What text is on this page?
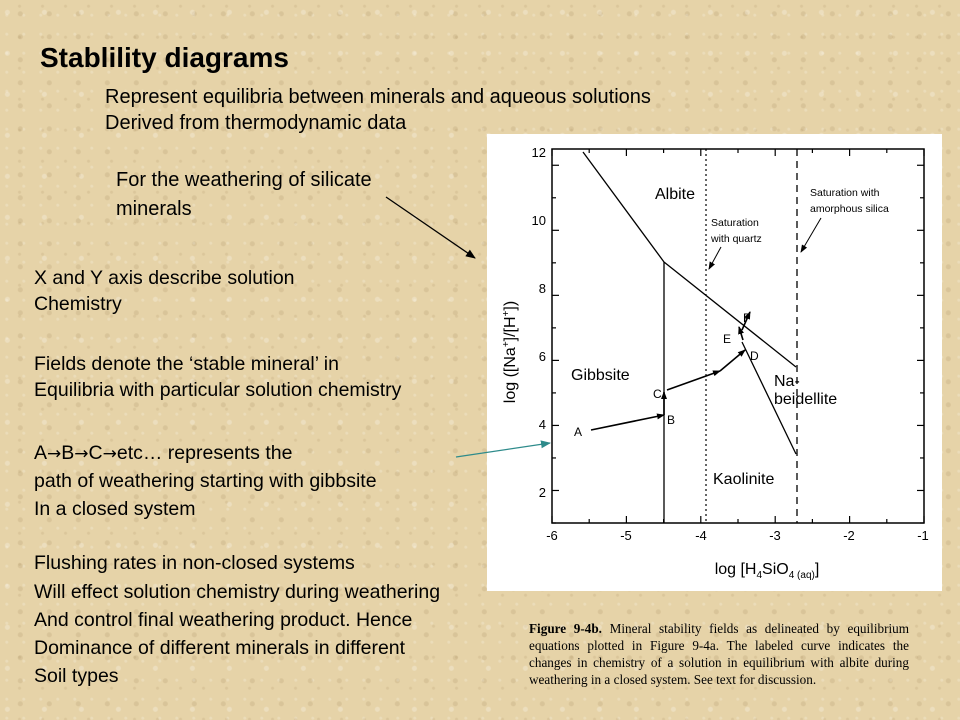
Stablility diagrams
Represent equilibria between minerals and aqueous solutions
Derived from thermodynamic data
For the weathering of silicate
minerals
X and Y axis describe solution
Chemistry
Fields denote the ‘stable mineral’ in
Equilibria with particular solution chemistry
A→B→C→etc… represents the
path of weathering starting with gibbsite
In a closed system
Flushing rates in non-closed systems
Will effect solution chemistry during weathering
And control final weathering product. Hence
Dominance of different minerals in different
Soil types
-6	-5	-4	-3	-2	-1
2
4
6
8
10
12
log ([Na+]/[H+])
$\log [H_4SiO_{4 (aq)}]$
Saturation
with quartz
Saturation with
amorphous silica
Albite
Gibbsite
Kaolinite
Na-
beidellite
A
B
C
D
E
F
Figure 9-4b. Mineral stability fields as delineated by equilibrium equations plotted in Figure 9-4a. The labeled curve indicates the changes in chemistry of a solution in equilibrium with albite during weathering in a closed system. See text for discussion.
